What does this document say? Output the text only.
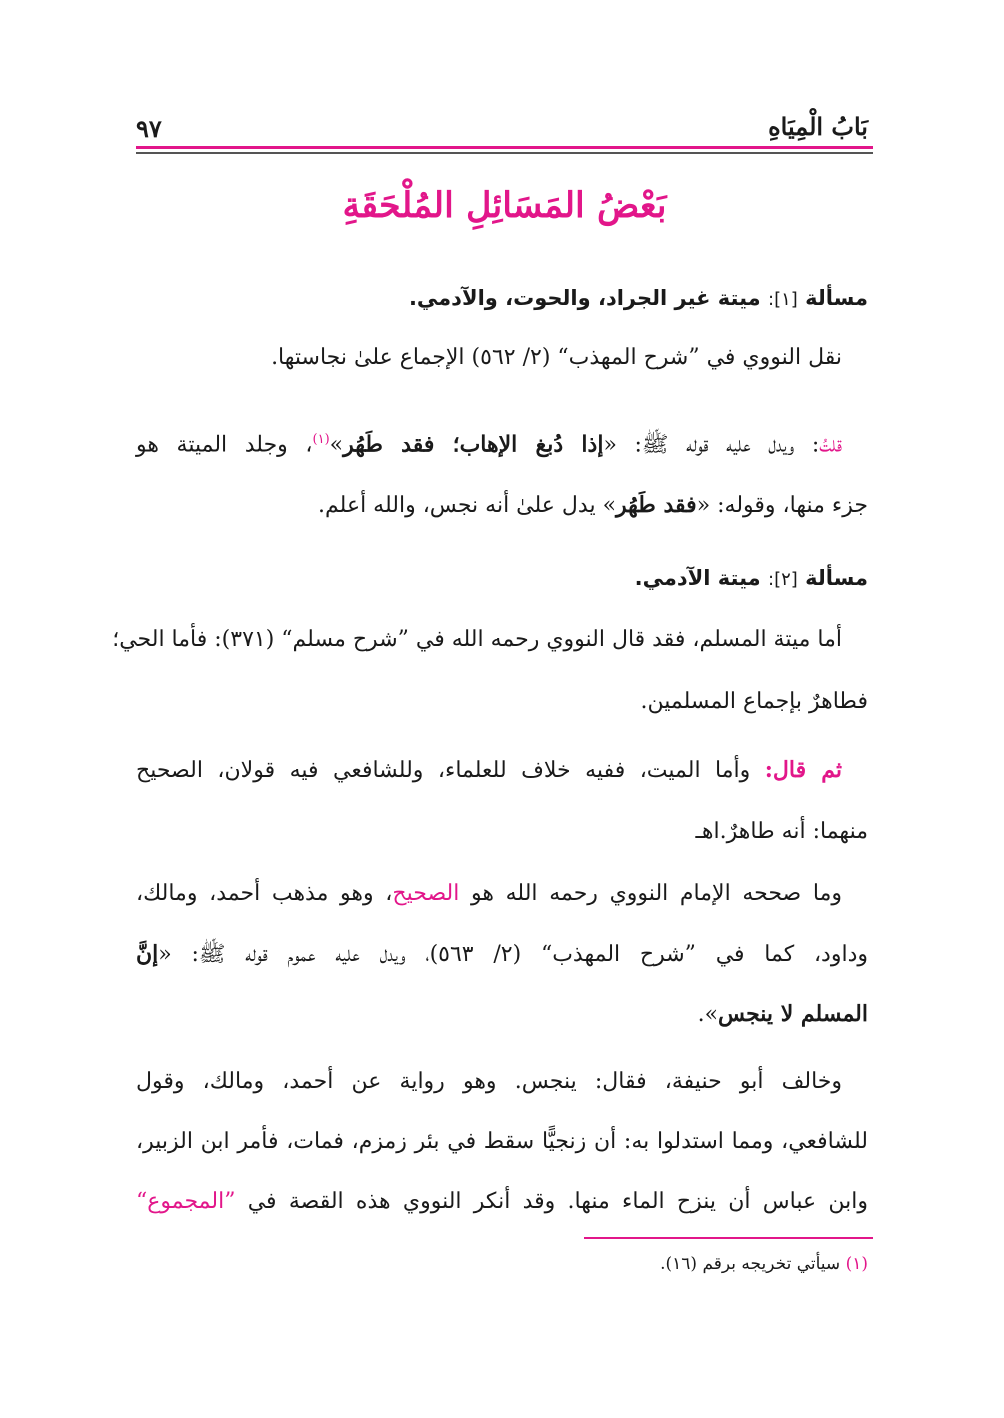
بَابُ الْمِيَاهِ
٩٧
بَعْضُ المَسَائِلِ المُلْحَقَةِ
مسألة [١]: ميتة غير الجراد، والحوت، والآدمي.
نقل النووي في ”شرح المهذب“ (٢/ ٥٦٢) الإجماع علىٰ نجاستها.
قلتُ: ويدل عليه قوله ﷺ: «إذا دُبغ الإهاب؛ فقد طَهُر»$^{(١)}$، وجلد الميتة هو
جزء منها، وقوله: «فقد طَهُر» يدل علىٰ أنه نجس، والله أعلم.
مسألة [٢]: ميتة الآدمي.
أما ميتة المسلم، فقد قال النووي رحمه الله في ”شرح مسلم“ (٣٧١): فأما الحي؛
فطاهرٌ بإجماع المسلمين.
ثم قال: وأما الميت، ففيه خلاف للعلماء، وللشافعي فيه قولان، الصحيح
منهما: أنه طاهرٌ.اهـ
وما صححه الإمام النووي رحمه الله هو الصحيح، وهو مذهب أحمد، ومالك،
وداود، كما في ”شرح المهذب“ (٢/ ٥٦٣)، ويدل عليه عموم قوله ﷺ: «إنَّ
المسلم لا ينجس».
وخالف أبو حنيفة، فقال: ينجس. وهو رواية عن أحمد، ومالك، وقول
للشافعي، ومما استدلوا به: أن زنجيًّا سقط في بئر زمزم، فمات، فأمر ابن الزبير،
وابن عباس أن ينزح الماء منها. وقد أنكر النووي هذه القصة في ”المجموع“
(١) سيأتي تخريجه برقم (١٦).
